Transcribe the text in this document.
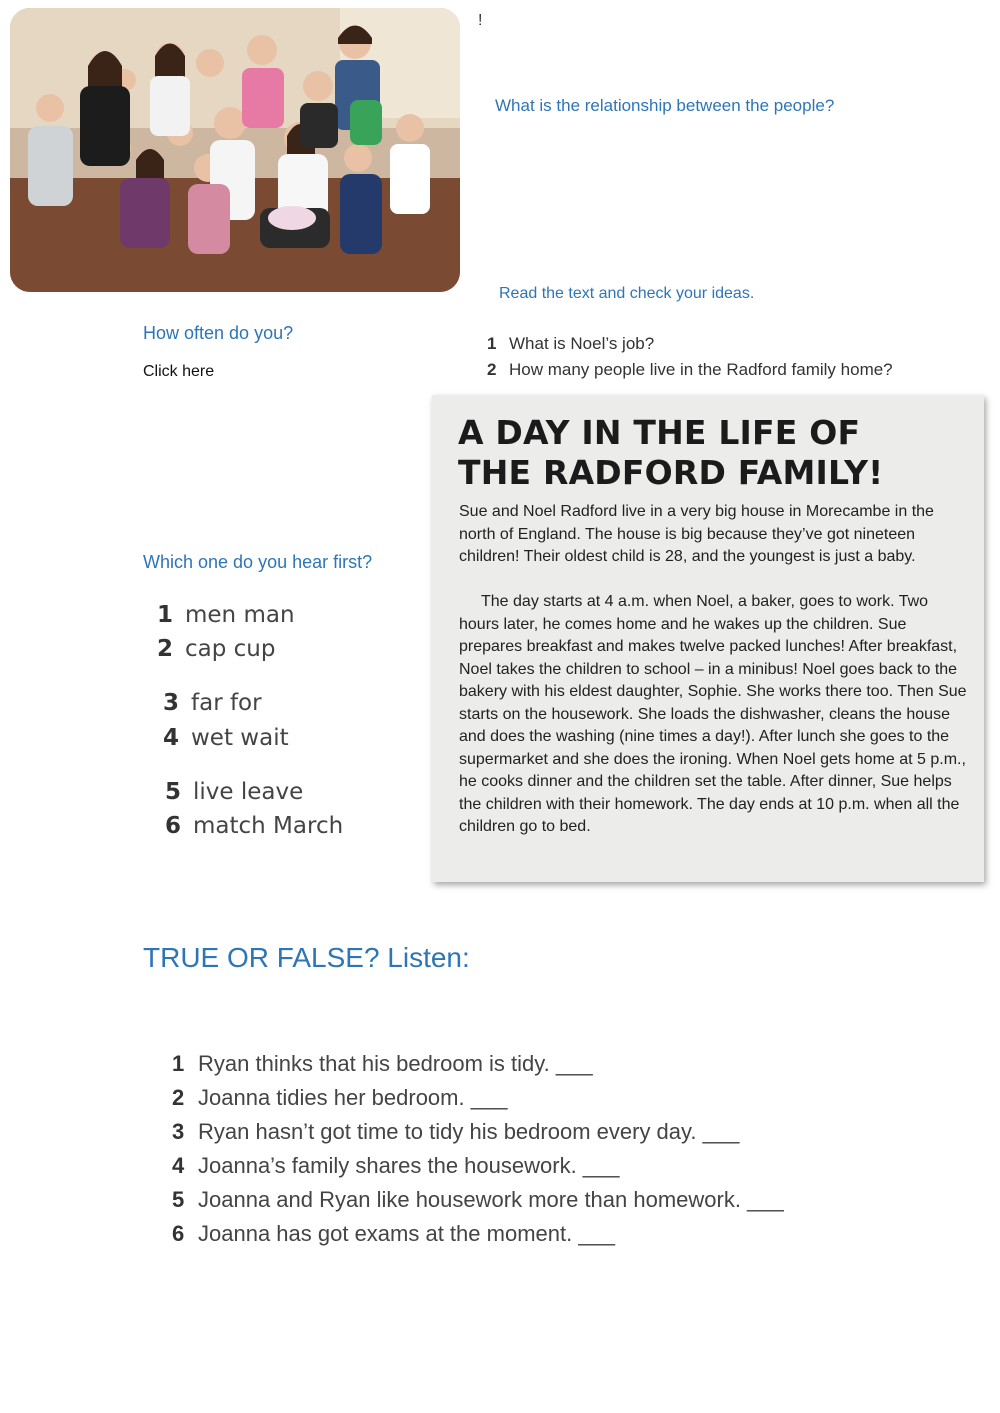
!
What is the relationship between the people?
Read the text and check your ideas.
How often do you?
Click here
1 What is Noel’s job?
2 How many people live in the Radford family home?
Which one do you hear first?
1 men man
2 cap cup
3 far for
4 wet wait
5 live leave
6 match March
A DAY IN THE LIFE OF
THE RADFORD FAMILY!
Sue and Noel Radford live in a very big house in Morecambe in the north of England. The house is big because they’ve got nineteen children! Their oldest child is 28, and the youngest is just a baby.
The day starts at 4 a.m. when Noel, a baker, goes to work. Two hours later, he comes home and he wakes up the children. Sue prepares breakfast and makes twelve packed lunches! After breakfast, Noel takes the children to school – in a minibus! Noel goes back to the bakery with his eldest daughter, Sophie. She works there too. Then Sue starts on the housework. She loads the dishwasher, cleans the house and does the washing (nine times a day!). After lunch she goes to the supermarket and she does the ironing. When Noel gets home at 5 p.m., he cooks dinner and the children set the table. After dinner, Sue helps the children with their homework. The day ends at 10 p.m. when all the children go to bed.
TRUE OR FALSE? Listen:
1 Ryan thinks that his bedroom is tidy. ___
2 Joanna tidies her bedroom. ___
3 Ryan hasn’t got time to tidy his bedroom every day. ___
4 Joanna’s family shares the housework. ___
5 Joanna and Ryan like housework more than homework. ___
6 Joanna has got exams at the moment. ___
